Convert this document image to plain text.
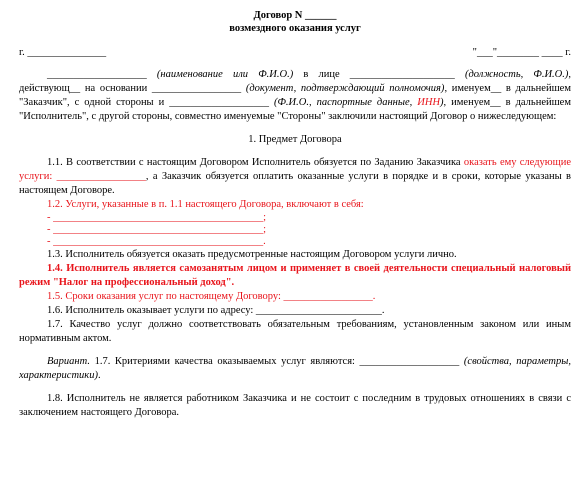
Договор N ______
возмездного оказания услуг
г. _______________	"___"________ ____ г.
___________________ (наименование или Ф.И.О.) в лице ____________________ (должность, Ф.И.О.), действующ__ на основании _________________ (документ, подтверждающий полномочия), именуем__ в дальнейшем "Заказчик", с одной стороны и ___________________ (Ф.И.О., паспортные данные, ИНН), именуем__ в дальнейшем "Исполнитель", с другой стороны, совместно именуемые "Стороны" заключили настоящий Договор о нижеследующем:
1. Предмет Договора
1.1. В соответствии с настоящим Договором Исполнитель обязуется по Заданию Заказчика оказать ему следующие услуги: _________________, а Заказчик обязуется оплатить оказанные услуги в порядке и в сроки, которые указаны в настоящем Договоре.
1.2. Услуги, указанные в п. 1.1 настоящего Договора, включают в себя:
- ________________________________________;
- ________________________________________;
- ________________________________________.
1.3. Исполнитель обязуется оказать предусмотренные настоящим Договором услуги лично.
1.4. Исполнитель является самозанятым лицом и применяет в своей деятельности специальный налоговый режим "Налог на профессиональный доход".
1.5. Сроки оказания услуг по настоящему Договору: _________________.
1.6. Исполнитель оказывает услуги по адресу: ________________________.
1.7. Качество услуг должно соответствовать обязательным требованиям, установленным законом или иным нормативным актом.
Вариант. 1.7. Критериями качества оказываемых услуг являются: ___________________ (свойства, параметры, характеристики).
1.8. Исполнитель не является работником Заказчика и не состоит с последним в трудовых отношениях в связи с заключением настоящего Договора.
